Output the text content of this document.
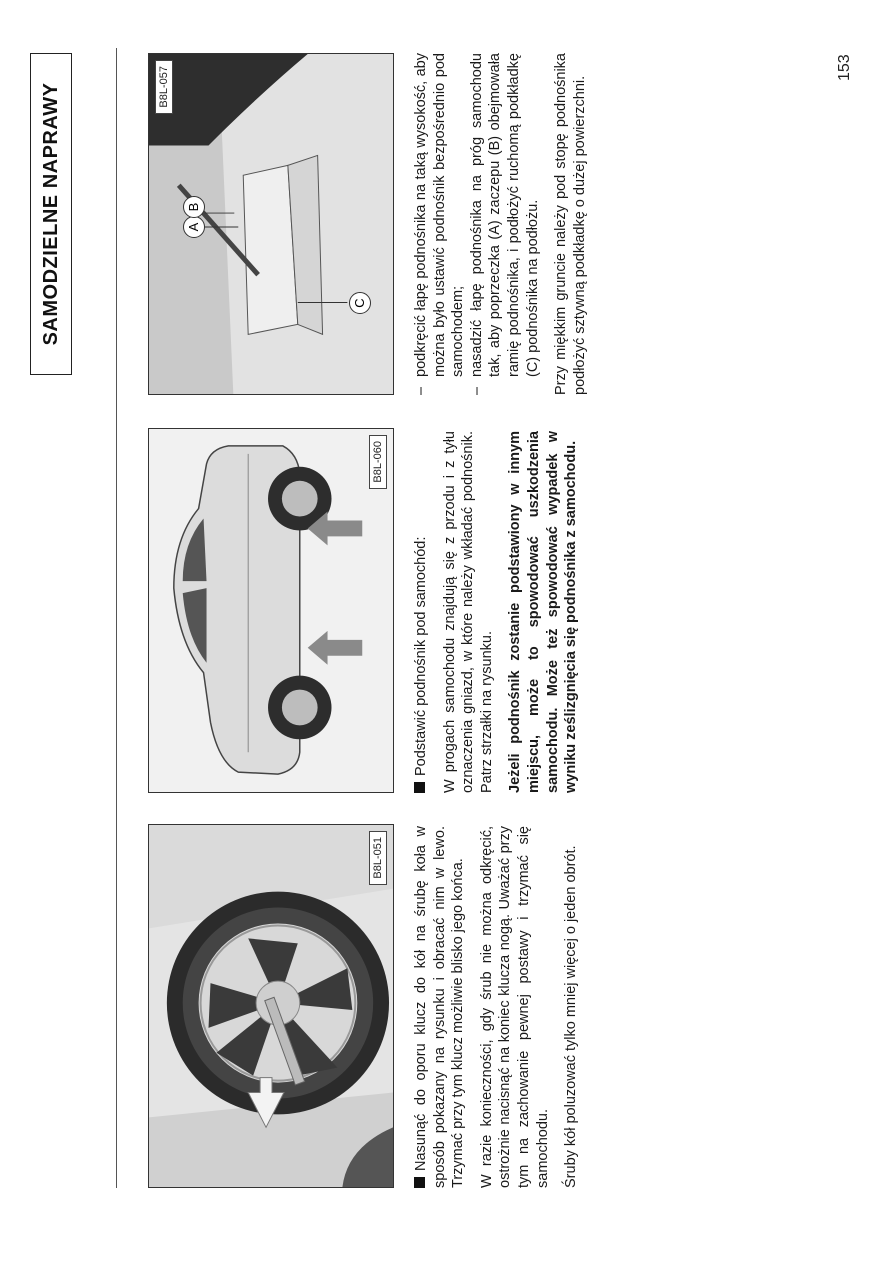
SAMODZIELNE NAPRAWY
B8L-051
B8L-060
A
B
C
B8L-057

Nasunąć do oporu klucz do kół na śrubę koła w sposób pokazany na rysunku i obracać nim w lewo. Trzymać przy tym klucz możliwie blisko jego końca. W razie konieczności, gdy śrub nie można odkręcić, ostrożnie nacisnąć na koniec klucza nogą. Uważać przy tym na zachowanie pewnej postawy i trzymać się samochodu. Śruby kół poluzować tylko mniej więcej o jeden obrót.

Podstawić podnośnik pod samochód: W progach samochodu znajdują się z przodu i z tyłu oznaczenia gniazd, w które należy wkładać podnośnik. Patrz strzałki na rysunku. Jeżeli podnośnik zostanie podstawiony w innym miejscu, może to spowodować uszkodzenia samochodu. Może też spowodować wypadek w wyniku ześlizgnięcia się podnośnika z samochodu.

– podkręcić łapę podnośnika na taką wysokość, aby można było ustawić podnośnik bezpośrednio pod samochodem;
– nasadzić łapę podnośnika na próg samochodu tak, aby poprzeczka (A) zaczepu (B) obejmowała ramię podnośnika, i podłożyć ruchomą podkładkę (C) podnośnika na podłożu. Przy miękkim gruncie należy pod stopę podnośnika podłożyć sztywną podkładkę o dużej powierzchni.

153
